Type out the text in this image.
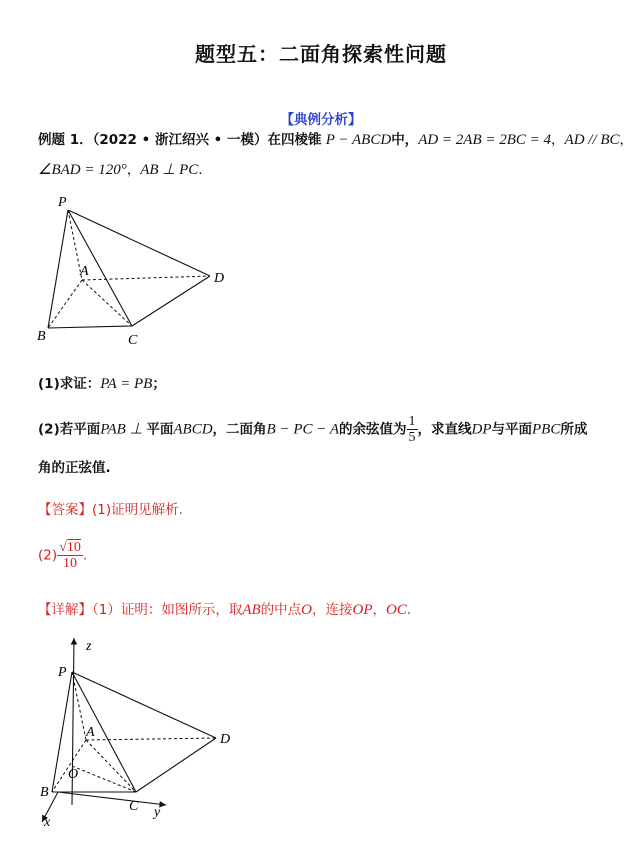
题型五：二面角探索性问题
【典例分析】
例题 1．（2022 • 浙江绍兴 • 一模）在四棱锥 P − ABCD中，AD = 2AB = 2BC = 4，AD // BC，
∠BAD = 120°，AB ⊥ PC.
P
A
B	C
D
(1)求证：PA = PB；
(2)若平面PAB ⊥ 平面ABCD，二面角B − PC − A的余弦值为 $\frac{1}{5}$ ，求直线DP与平面PBC所成
角的正弦值.
【答案】(1)证明见解析.
$(2) \frac{√10}{10}$ .
【详解】（1）证明：如图所示，取AB的中点O，连接OP，OC.
z
P
A
O
B
C
D
y
x
